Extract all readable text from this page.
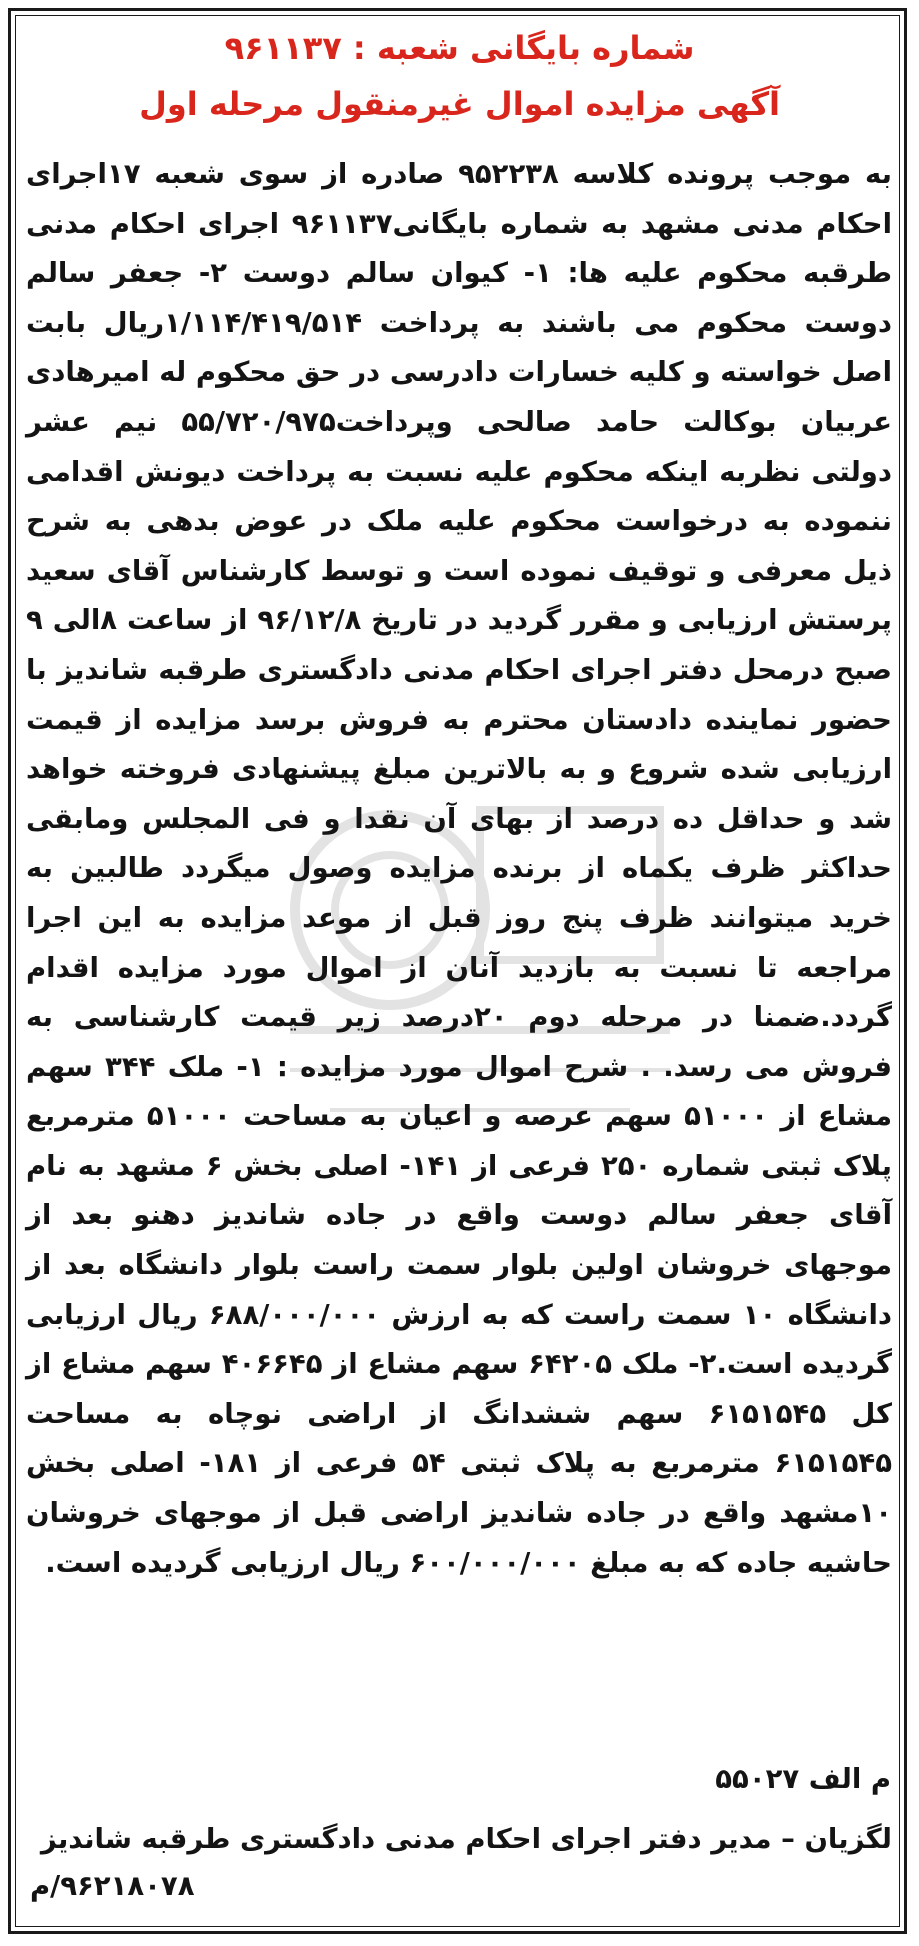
شماره بایگانی شعبه : ۹۶۱۱۳۷

آگهی مزایده اموال غیرمنقول مرحله اول

به موجب پرونده کلاسه ۹۵۲۲۳۸ صادره از سوی شعبه ۱۷اجرای احکام مدنی مشهد به شماره بایگانی۹۶۱۱۳۷ اجرای احکام مدنی طرقبه محکوم علیه ها: ۱- کیوان سالم دوست ۲- جعفر سالم دوست محکوم می باشند به پرداخت ۱/۱۱۴/۴۱۹/۵۱۴ریال بابت اصل خواسته و کلیه خسارات دادرسی در حق محکوم له امیرهادی عربیان بوکالت حامد صالحی وپرداخت۵۵/۷۲۰/۹۷۵ نیم عشر دولتی نظربه اینکه محکوم علیه نسبت به پرداخت دیونش اقدامی ننموده به درخواست محکوم علیه ملک در عوض بدهی به شرح ذیل معرفی و توقیف نموده است و توسط کارشناس آقای سعید پرستش ارزیابی و مقرر گردید در تاریخ ۹۶/۱۲/۸ از ساعت ۸الی ۹ صبح درمحل دفتر اجرای احکام مدنی دادگستری طرقبه شاندیز با حضور نماینده دادستان محترم به فروش برسد مزایده از قیمت ارزیابی شده شروع و به بالاترین مبلغ پیشنهادی فروخته خواهد شد و حداقل ده درصد از بهای آن نقدا و فی المجلس ومابقی حداکثر ظرف یکماه از برنده مزایده وصول میگردد طالبین به خرید میتوانند ظرف پنج روز قبل از موعد مزایده به این اجرا مراجعه تا نسبت به بازدید آنان از اموال مورد مزایده اقدام گردد.ضمنا در مرحله دوم ۲۰درصد زیر قیمت کارشناسی به فروش می رسد. . شرح اموال مورد مزایده : ۱- ملک ۳۴۴ سهم مشاع از ۵۱۰۰۰ سهم عرصه و اعیان به مساحت ۵۱۰۰۰ مترمربع پلاک ثبتی شماره ۲۵۰ فرعی از ۱۴۱- اصلی بخش ۶ مشهد به نام آقای جعفر سالم دوست واقع در جاده شاندیز دهنو بعد از موجهای خروشان اولین بلوار سمت راست بلوار دانشگاه بعد از دانشگاه ۱۰ سمت راست که به ارزش ۶۸۸/۰۰۰/۰۰۰ ریال ارزیابی گردیده است.۲- ملک ۶۴۲۰۵ سهم مشاع از ۴۰۶۶۴۵ سهم مشاع از کل ۶۱۵۱۵۴۵ سهم ششدانگ از اراضی نوچاه به مساحت ۶۱۵۱۵۴۵ مترمربع به پلاک ثبتی ۵۴ فرعی از ۱۸۱- اصلی بخش ۱۰مشهد واقع در جاده شاندیز اراضی قبل از موجهای خروشان حاشیه جاده که به مبلغ ۶۰۰/۰۰۰/۰۰۰ ریال ارزیابی گردیده است.

م الف ۵۵۰۲۷

لگزیان – مدیر دفتر اجرای احکام مدنی دادگستری طرقبه شاندیز

۹۶۲۱۸۰۷۸/م
